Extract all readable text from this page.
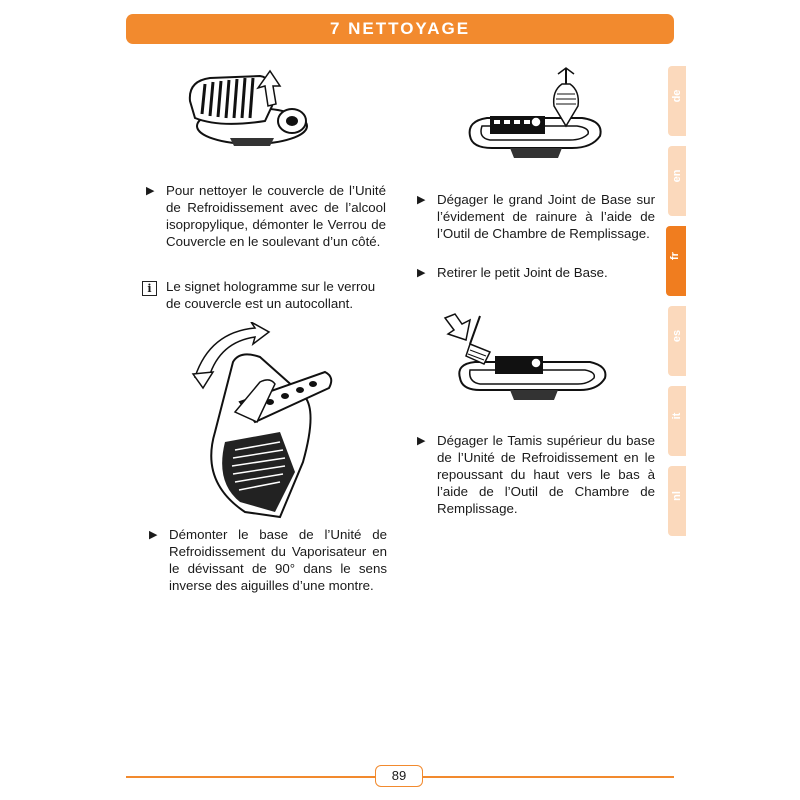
7 NETTOYAGE
de
en
fr
es
it
nl
▶ Pour nettoyer le couvercle de l’Unité de Refroidissement avec de l’alcool isopropylique, démonter le Verrou de Couvercle en le soulevant d’un côté.
i	Le signet hologramme sur le verrou de couvercle est un autocollant.
▶ Démonter le base de l’Unité de Refroidissement du Vaporisateur en le dévissant de 90° dans le sens inverse des aiguilles d’une montre.
▶ Dégager le grand Joint de Base sur l’évidement de rainure à l’aide de l’Outil de Chambre de Remplissage.
▶ Retirer le petit Joint de Base.
▶ Dégager le Tamis supérieur du base de l’Unité de Refroidissement en le repoussant du haut vers le bas à l’aide de l’Outil de Chambre de Remplissage.
89
